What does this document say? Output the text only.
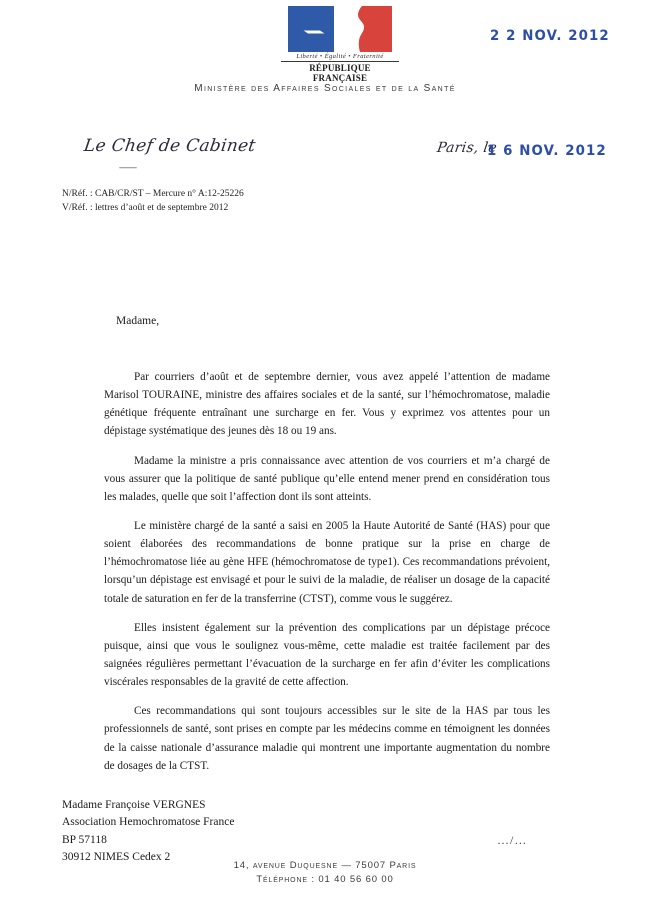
Liberté • Égalité • Fraternité
RÉPUBLIQUE FRANÇAISE
2 2 NOV. 2012
Ministère des Affaires Sociales et de la Santé
Le Chef de Cabinet
-------
Paris, le
1 6 NOV. 2012
N/Réf. : CAB/CR/ST – Mercure n° A:12-25226
V/Réf. : lettres d’août et de septembre 2012
Madame,

Par courriers d’août et de septembre dernier, vous avez appelé l’attention de madame Marisol TOURAINE, ministre des affaires sociales et de la santé, sur l’hémochromatose, maladie génétique fréquente entraînant une surcharge en fer. Vous y exprimez vos attentes pour un dépistage systématique des jeunes dès 18 ou 19 ans.

Madame la ministre a pris connaissance avec attention de vos courriers et m’a chargé de vous assurer que la politique de santé publique qu’elle entend mener prend en considération tous les malades, quelle que soit l’affection dont ils sont atteints.

Le ministère chargé de la santé a saisi en 2005 la Haute Autorité de Santé (HAS) pour que soient élaborées des recommandations de bonne pratique sur la prise en charge de l’hémochromatose liée au gène HFE (hémochromatose de type1). Ces recommandations prévoient, lorsqu’un dépistage est envisagé et pour le suivi de la maladie, de réaliser un dosage de la capacité totale de saturation en fer de la transferrine (CTST), comme vous le suggérez.

Elles insistent également sur la prévention des complications par un dépistage précoce puisque, ainsi que vous le soulignez vous-même, cette maladie est traitée facilement par des saignées régulières permettant l’évacuation de la surcharge en fer afin d’éviter les complications viscérales responsables de la gravité de cette affection.

Ces recommandations qui sont toujours accessibles sur le site de la HAS par tous les professionnels de santé, sont prises en compte par les médecins comme en témoignent les données de la caisse nationale d’assurance maladie qui montrent une importante augmentation du nombre de dosages de la CTST.

Madame Françoise VERGNES
Association Hemochromatose France
BP 57118
30912 NIMES Cedex 2
…/…
14, avenue Duquesne — 75007 Paris
Téléphone : 01 40 56 60 00
